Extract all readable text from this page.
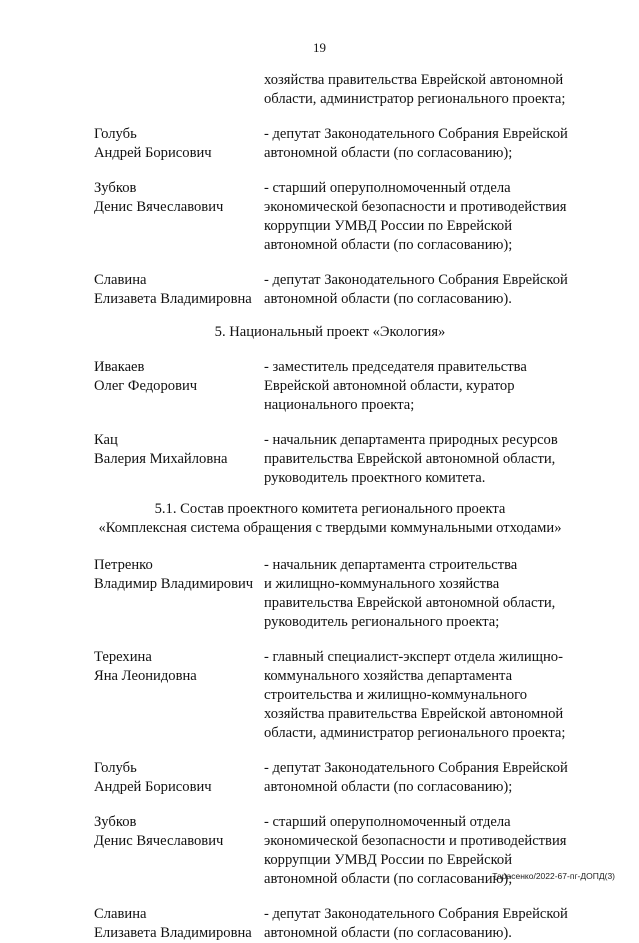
19
хозяйства правительства Еврейской автономной
области, администратор регионального проекта;
Голубь
Андрей Борисович
- депутат Законодательного Собрания Еврейской
автономной области (по согласованию);
Зубков
Денис Вячеславович
- старший оперуполномоченный отдела
экономической безопасности и противодействия
коррупции УМВД России по Еврейской
автономной области (по согласованию);
Славина
Елизавета Владимировна
- депутат Законодательного Собрания Еврейской
автономной области (по согласованию).
5. Национальный проект «Экология»
Ивакаев
Олег Федорович
- заместитель председателя правительства
Еврейской автономной области, куратор
национального проекта;
Кац
Валерия Михайловна
- начальник департамента природных ресурсов
правительства Еврейской автономной области,
руководитель проектного комитета.
5.1. Состав проектного комитета регионального проекта
«Комплексная система обращения с твердыми коммунальными отходами»
Петренко
Владимир Владимирович
- начальник департамента строительства
и жилищно-коммунального хозяйства
правительства Еврейской автономной области,
руководитель регионального проекта;
Терехина
Яна Леонидовна
- главный специалист-эксперт отдела жилищно-
коммунального хозяйства департамента
строительства и жилищно-коммунального
хозяйства правительства Еврейской автономной
области, администратор регионального проекта;
Голубь
Андрей Борисович
- депутат Законодательного Собрания Еврейской
автономной области (по согласованию);
Зубков
Денис Вячеславович
- старший оперуполномоченный отдела
экономической безопасности и противодействия
коррупции УМВД России по Еврейской
автономной области (по согласованию);
Славина
Елизавета Владимировна
- депутат Законодательного Собрания Еврейской
автономной области (по согласованию).
Тарасенко/2022-67-пг-ДОПД(3)
